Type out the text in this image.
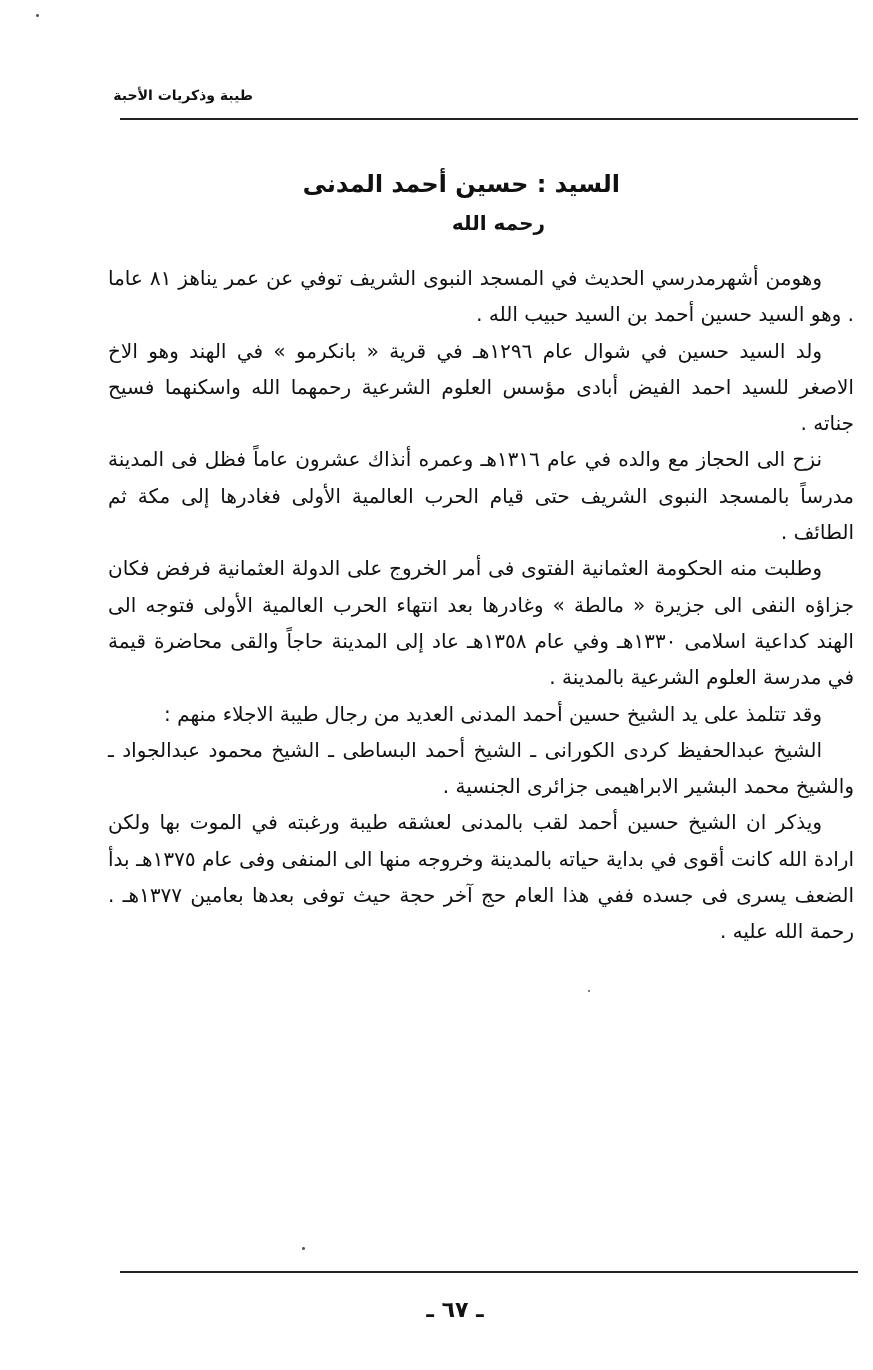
طيبة وذكريات الأحبة
السيد : حسين أحمد المدنى
رحمه الله

وهومن أشهرمدرسي الحديث في المسجد النبوى الشريف توفي عن عمر يناهز ٨١ عاما . وهو السيد حسين أحمد بن السيد حبيب الله .

ولد السيد حسين في شوال عام ١٢٩٦هـ في قرية « بانكرمو » في الهند وهو الاخ الاصغر للسيد احمد الفيض أبادى مؤسس العلوم الشرعية رحمهما الله واسكنهما فسيح جناته .

نزح الى الحجاز مع والده في عام ١٣١٦هـ وعمره أنذاك عشرون عاماً فظل فى المدينة مدرساً بالمسجد النبوى الشريف حتى قيام الحرب العالمية الأولى فغادرها إلى مكة ثم الطائف .

وطلبت منه الحكومة العثمانية الفتوى فى أمر الخروج على الدولة العثمانية فرفض فكان جزاؤه النفى الى جزيرة « مالطة » وغادرها بعد انتهاء الحرب العالمية الأولى فتوجه الى الهند كداعية اسلامى ١٣٣٠هـ وفي عام ١٣٥٨هـ عاد إلى المدينة حاجاً والقى محاضرة قيمة في مدرسة العلوم الشرعية بالمدينة .

وقد تتلمذ على يد الشيخ حسين أحمد المدنى العديد من رجال طيبة الاجلاء منهم :

الشيخ عبدالحفيظ كردى الكورانى ـ الشيخ أحمد البساطى ـ الشيخ محمود عبدالجواد ـ والشيخ محمد البشير الابراهيمى جزائرى الجنسية .

ويذكر ان الشيخ حسين أحمد لقب بالمدنى لعشقه طيبة ورغبته في الموت بها ولكن ارادة الله كانت أقوى في بداية حياته بالمدينة وخروجه منها الى المنفى وفى عام ١٣٧٥هـ بدأ الضعف يسرى فى جسده ففي هذا العام حج آخر حجة حيث توفى بعدها بعامين ١٣٧٧هـ . رحمة الله عليه .

ـ ٦٧ ـ
